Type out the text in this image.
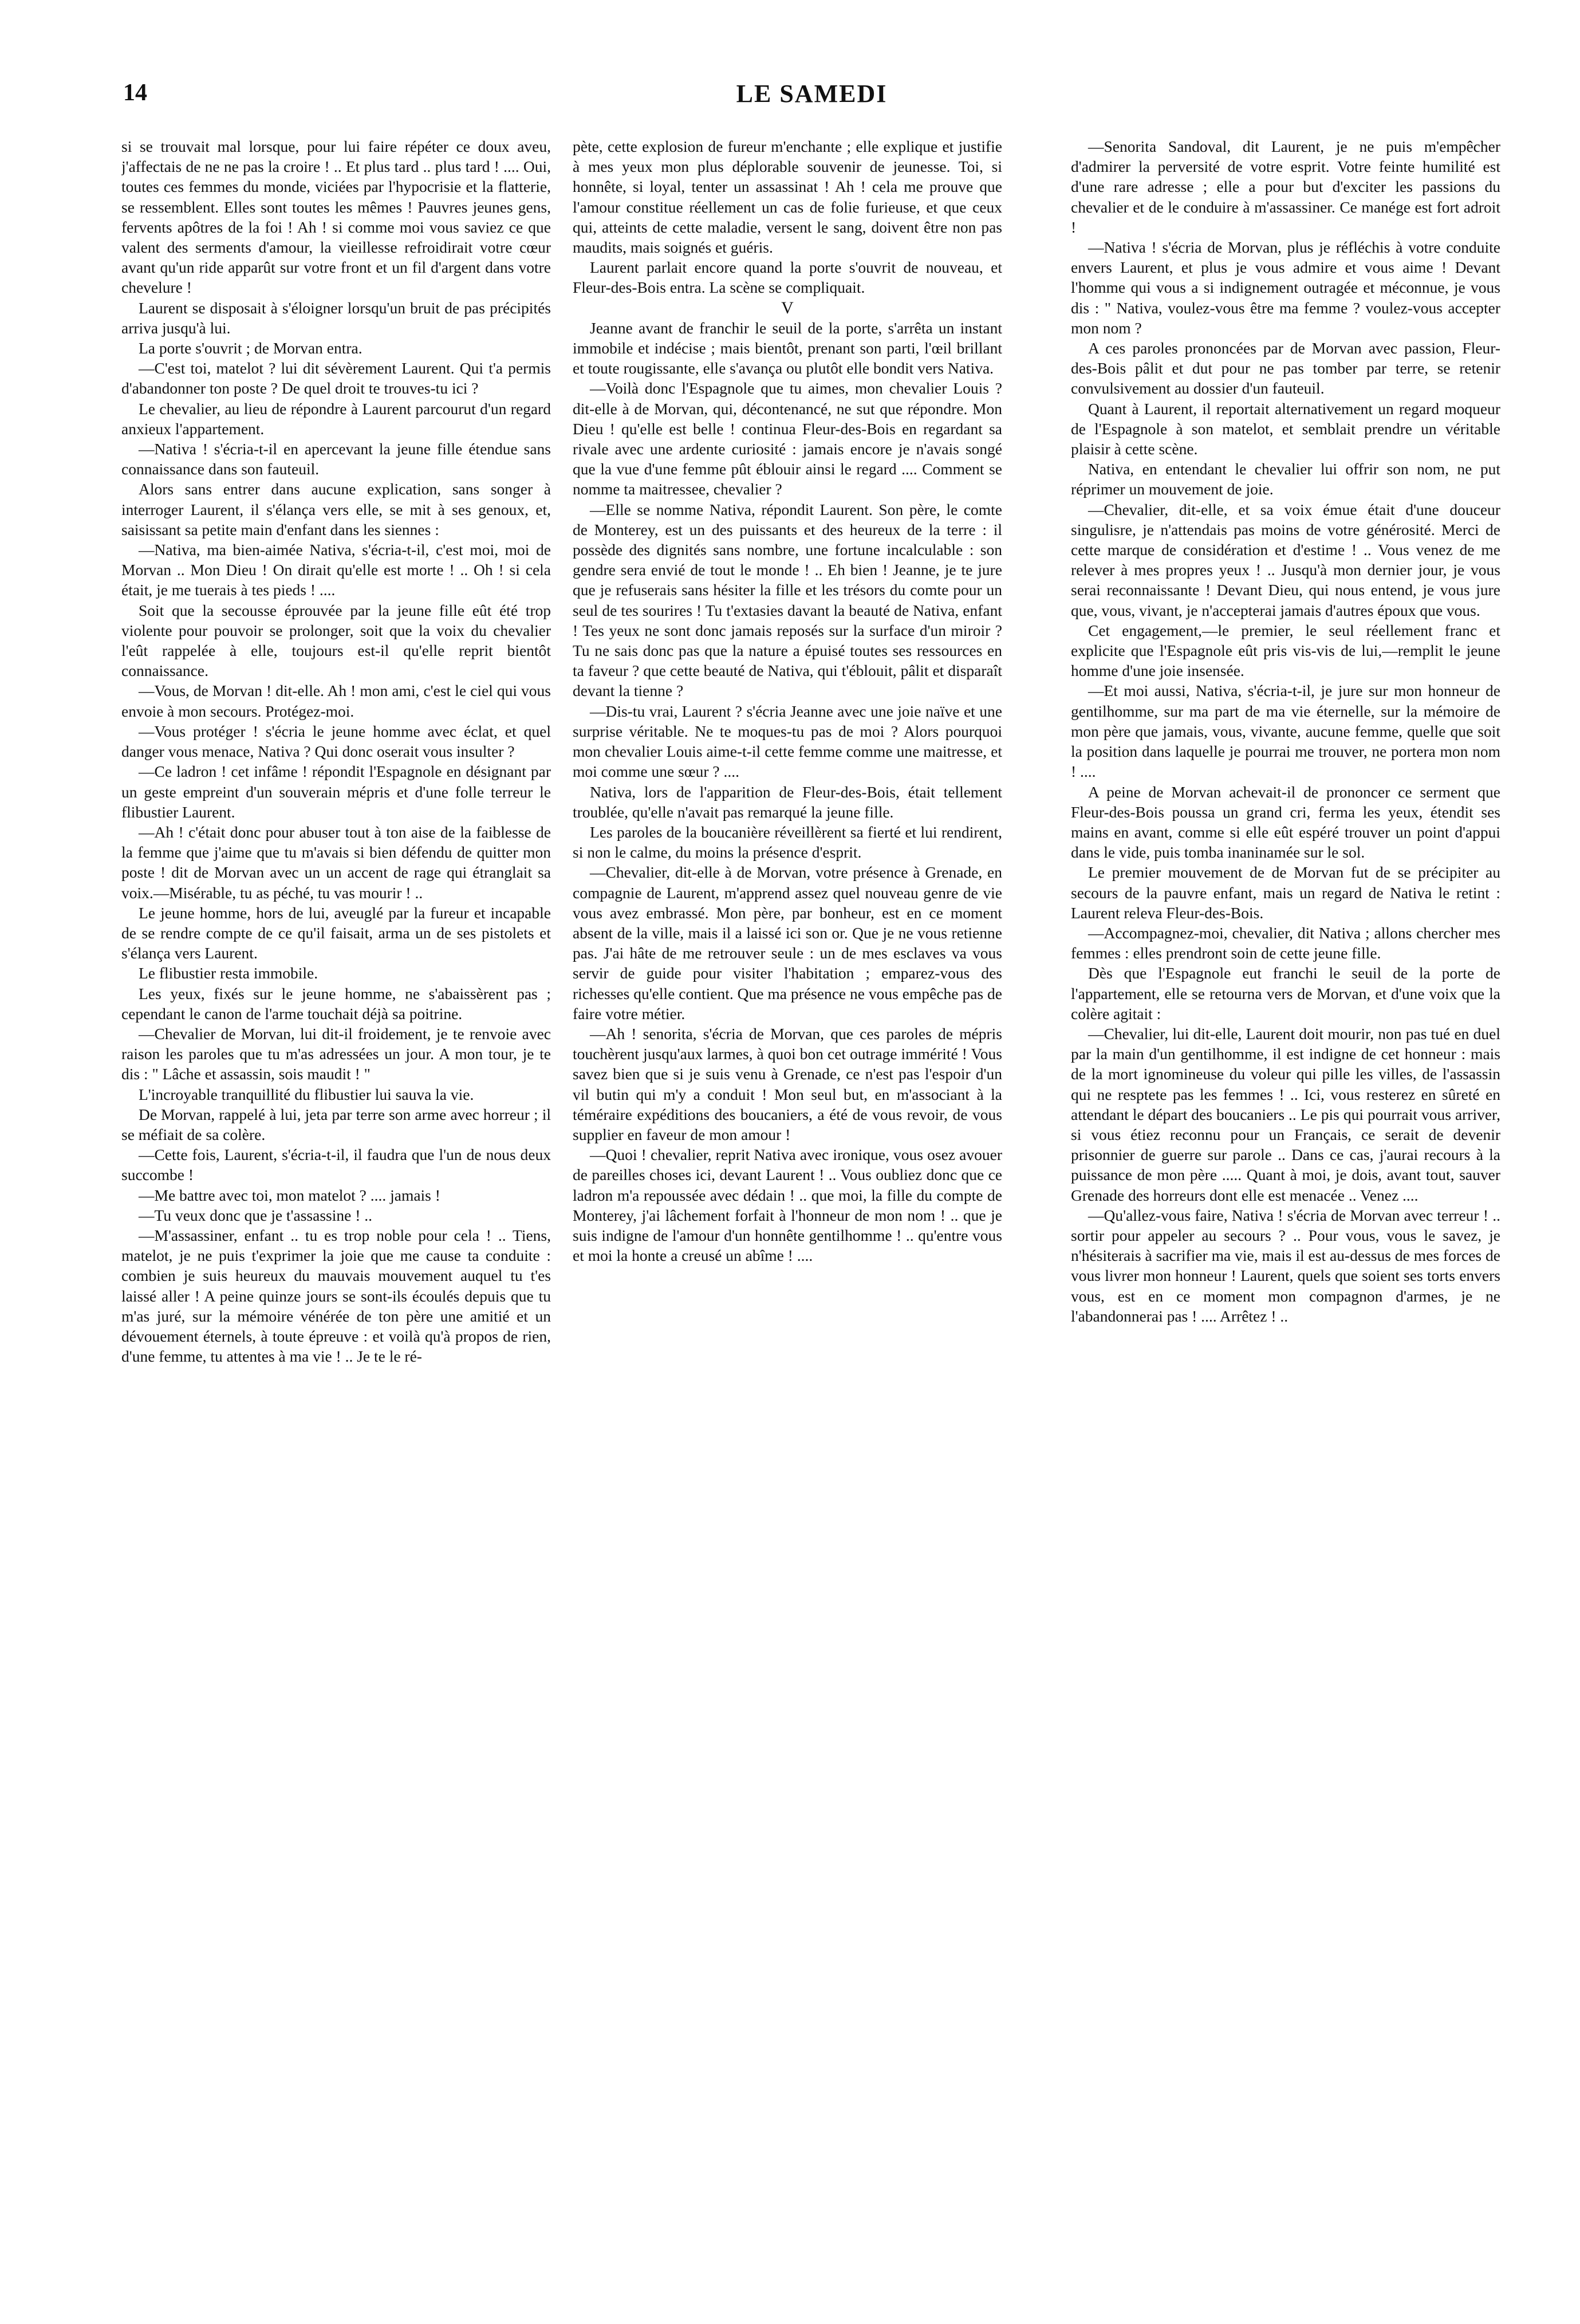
14	LE SAMEDI

si se trouvait mal lorsque, pour lui faire répéter ce doux aveu, j'affectais de ne ne pas la croire ! .. Et plus tard .. plus tard ! .... Oui, toutes ces femmes du monde, viciées par l'hypocrisie et la flatterie, se ressemblent. Elles sont toutes les mêmes ! Pauvres jeunes gens, fervents apôtres de la foi ! Ah ! si comme moi vous saviez ce que valent des serments d'amour, la vieillesse refroidirait votre cœur avant qu'un ride apparût sur votre front et un fil d'argent dans votre chevelure !

Laurent se disposait à s'éloigner lorsqu'un bruit de pas précipités arriva jusqu'à lui.

La porte s'ouvrit ; de Morvan entra.

—C'est toi, matelot ? lui dit sévèrement Laurent. Qui t'a permis d'abandonner ton poste ? De quel droit te trouves-tu ici ?

Le chevalier, au lieu de répondre à Laurent parcourut d'un regard anxieux l'appartement.

—Nativa ! s'écria-t-il en apercevant la jeune fille étendue sans connaissance dans son fauteuil.

Alors sans entrer dans aucune explication, sans songer à interroger Laurent, il s'élança vers elle, se mit à ses genoux, et, saisissant sa petite main d'enfant dans les siennes :

—Nativa, ma bien-aimée Nativa, s'écria-t-il, c'est moi, moi de Morvan .. Mon Dieu ! On dirait qu'elle est morte ! .. Oh ! si cela était, je me tuerais à tes pieds ! ....

Soit que la secousse éprouvée par la jeune fille eût été trop violente pour pouvoir se prolonger, soit que la voix du chevalier l'eût rappelée à elle, toujours est-il qu'elle reprit bientôt connaissance.

—Vous, de Morvan ! dit-elle. Ah ! mon ami, c'est le ciel qui vous envoie à mon secours. Protégez-moi.

—Vous protéger ! s'écria le jeune homme avec éclat, et quel danger vous menace, Nativa ? Qui donc oserait vous insulter ?

—Ce ladron ! cet infâme ! répondit l'Espagnole en désignant par un geste empreint d'un souverain mépris et d'une folle terreur le flibustier Laurent.

—Ah ! c'était donc pour abuser tout à ton aise de la faiblesse de la femme que j'aime que tu m'avais si bien défendu de quitter mon poste ! dit de Morvan avec un un accent de rage qui étranglait sa voix.—Misérable, tu as péché, tu vas mourir ! ..

Le jeune homme, hors de lui, aveuglé par la fureur et incapable de se rendre compte de ce qu'il faisait, arma un de ses pistolets et s'élança vers Laurent.

Le flibustier resta immobile.

Les yeux, fixés sur le jeune homme, ne s'abaissèrent pas ; cependant le canon de l'arme touchait déjà sa poitrine.

—Chevalier de Morvan, lui dit-il froidement, je te renvoie avec raison les paroles que tu m'as adressées un jour. A mon tour, je te dis : " Lâche et assassin, sois maudit ! "

L'incroyable tranquillité du flibustier lui sauva la vie.

De Morvan, rappelé à lui, jeta par terre son arme avec horreur ; il se méfiait de sa colère.

—Cette fois, Laurent, s'écria-t-il, il faudra que l'un de nous deux succombe !

—Me battre avec toi, mon matelot ? .... jamais !

—Tu veux donc que je t'assassine ! ..

—M'assassiner, enfant .. tu es trop noble pour cela ! .. Tiens, matelot, je ne puis t'exprimer la joie que me cause ta conduite : combien je suis heureux du mauvais mouvement auquel tu t'es laissé aller ! A peine quinze jours se sont-ils écoulés depuis que tu m'as juré, sur la mémoire vénérée de ton père une amitié et un dévouement éternels, à toute épreuve : et voilà qu'à propos de rien, d'une femme, tu attentes à ma vie ! .. Je te le ré-

pète, cette explosion de fureur m'enchante ; elle explique et justifie à mes yeux mon plus déplorable souvenir de jeunesse. Toi, si honnête, si loyal, tenter un assassinat ! Ah ! cela me prouve que l'amour constitue réellement un cas de folie furieuse, et que ceux qui, atteints de cette maladie, versent le sang, doivent être non pas maudits, mais soignés et guéris.

Laurent parlait encore quand la porte s'ouvrit de nouveau, et Fleur-des-Bois entra. La scène se compliquait.

V

Jeanne avant de franchir le seuil de la porte, s'arrêta un instant immobile et indécise ; mais bientôt, prenant son parti, l'œil brillant et toute rougissante, elle s'avança ou plutôt elle bondit vers Nativa.

—Voilà donc l'Espagnole que tu aimes, mon chevalier Louis ? dit-elle à de Morvan, qui, décontenancé, ne sut que répondre. Mon Dieu ! qu'elle est belle ! continua Fleur-des-Bois en regardant sa rivale avec une ardente curiosité : jamais encore je n'avais songé que la vue d'une femme pût éblouir ainsi le regard .... Comment se nomme ta maitressee, chevalier ?

—Elle se nomme Nativa, répondit Laurent. Son père, le comte de Monterey, est un des puissants et des heureux de la terre : il possède des dignités sans nombre, une fortune incalculable : son gendre sera envié de tout le monde ! .. Eh bien ! Jeanne, je te jure que je refuserais sans hésiter la fille et les trésors du comte pour un seul de tes sourires ! Tu t'extasies davant la beauté de Nativa, enfant ! Tes yeux ne sont donc jamais reposés sur la surface d'un miroir ? Tu ne sais donc pas que la nature a épuisé toutes ses ressources en ta faveur ? que cette beauté de Nativa, qui t'éblouit, pâlit et disparaît devant la tienne ?

—Dis-tu vrai, Laurent ? s'écria Jeanne avec une joie naïve et une surprise véritable. Ne te moques-tu pas de moi ? Alors pourquoi mon chevalier Louis aime-t-il cette femme comme une maitresse, et moi comme une sœur ? ....

Nativa, lors de l'apparition de Fleur-des-Bois, était tellement troublée, qu'elle n'avait pas remarqué la jeune fille.

Les paroles de la boucanière réveillèrent sa fierté et lui rendirent, si non le calme, du moins la présence d'esprit.

—Chevalier, dit-elle à de Morvan, votre présence à Grenade, en compagnie de Laurent, m'apprend assez quel nouveau genre de vie vous avez embrassé. Mon père, par bonheur, est en ce moment absent de la ville, mais il a laissé ici son or. Que je ne vous retienne pas. J'ai hâte de me retrouver seule : un de mes esclaves va vous servir de guide pour visiter l'habitation ; emparez-vous des richesses qu'elle contient. Que ma présence ne vous empêche pas de faire votre métier.

—Ah ! senorita, s'écria de Morvan, que ces paroles de mépris touchèrent jusqu'aux larmes, à quoi bon cet outrage immérité ! Vous savez bien que si je suis venu à Grenade, ce n'est pas l'espoir d'un vil butin qui m'y a conduit ! Mon seul but, en m'associant à la téméraire expéditions des boucaniers, a été de vous revoir, de vous supplier en faveur de mon amour !

—Quoi ! chevalier, reprit Nativa avec ironique, vous osez avouer de pareilles choses ici, devant Laurent ! .. Vous oubliez donc que ce ladron m'a repoussée avec dédain ! .. que moi, la fille du compte de Monterey, j'ai lâchement forfait à l'honneur de mon nom ! .. que je suis indigne de l'amour d'un honnête gentilhomme ! .. qu'entre vous et moi la honte a creusé un abîme ! ....

—Senorita Sandoval, dit Laurent, je ne puis m'empêcher d'admirer la perversité de votre esprit. Votre feinte humilité est d'une rare adresse ; elle a pour but d'exciter les passions du chevalier et de le conduire à m'assassiner. Ce manége est fort adroit !

—Nativa ! s'écria de Morvan, plus je réfléchis à votre conduite envers Laurent, et plus je vous admire et vous aime ! Devant l'homme qui vous a si indignement outragée et méconnue, je vous dis : " Nativa, voulez-vous être ma femme ? voulez-vous accepter mon nom ?

A ces paroles prononcées par de Morvan avec passion, Fleur-des-Bois pâlit et dut pour ne pas tomber par terre, se retenir convulsivement au dossier d'un fauteuil.

Quant à Laurent, il reportait alternativement un regard moqueur de l'Espagnole à son matelot, et semblait prendre un véritable plaisir à cette scène.

Nativa, en entendant le chevalier lui offrir son nom, ne put réprimer un mouvement de joie.

—Chevalier, dit-elle, et sa voix émue était d'une douceur singulisre, je n'attendais pas moins de votre générosité. Merci de cette marque de considération et d'estime ! .. Vous venez de me relever à mes propres yeux ! .. Jusqu'à mon dernier jour, je vous serai reconnaissante ! Devant Dieu, qui nous entend, je vous jure que, vous, vivant, je n'accepterai jamais d'autres époux que vous.

Cet engagement,—le premier, le seul réellement franc et explicite que l'Espagnole eût pris vis-vis de lui,—remplit le jeune homme d'une joie insensée.

—Et moi aussi, Nativa, s'écria-t-il, je jure sur mon honneur de gentilhomme, sur ma part de ma vie éternelle, sur la mémoire de mon père que jamais, vous, vivante, aucune femme, quelle que soit la position dans laquelle je pourrai me trouver, ne portera mon nom ! ....

A peine de Morvan achevait-il de prononcer ce serment que Fleur-des-Bois poussa un grand cri, ferma les yeux, étendit ses mains en avant, comme si elle eût espéré trouver un point d'appui dans le vide, puis tomba inaninamée sur le sol.

Le premier mouvement de de Morvan fut de se précipiter au secours de la pauvre enfant, mais un regard de Nativa le retint : Laurent releva Fleur-des-Bois.

—Accompagnez-moi, chevalier, dit Nativa ; allons chercher mes femmes : elles prendront soin de cette jeune fille.

Dès que l'Espagnole eut franchi le seuil de la porte de l'appartement, elle se retourna vers de Morvan, et d'une voix que la colère agitait :

—Chevalier, lui dit-elle, Laurent doit mourir, non pas tué en duel par la main d'un gentilhomme, il est indigne de cet honneur : mais de la mort ignomineuse du voleur qui pille les villes, de l'assassin qui ne resptete pas les femmes ! .. Ici, vous resterez en sûreté en attendant le départ des boucaniers .. Le pis qui pourrait vous arriver, si vous étiez reconnu pour un Français, ce serait de devenir prisonnier de guerre sur parole .. Dans ce cas, j'aurai recours à la puissance de mon père ..... Quant à moi, je dois, avant tout, sauver Grenade des horreurs dont elle est menacée .. Venez ....

—Qu'allez-vous faire, Nativa ! s'écria de Morvan avec terreur ! .. sortir pour appeler au secours ? .. Pour vous, vous le savez, je n'hésiterais à sacrifier ma vie, mais il est au-dessus de mes forces de vous livrer mon honneur ! Laurent, quels que soient ses torts envers vous, est en ce moment mon compagnon d'armes, je ne l'abandonnerai pas ! .... Arrêtez ! ..
